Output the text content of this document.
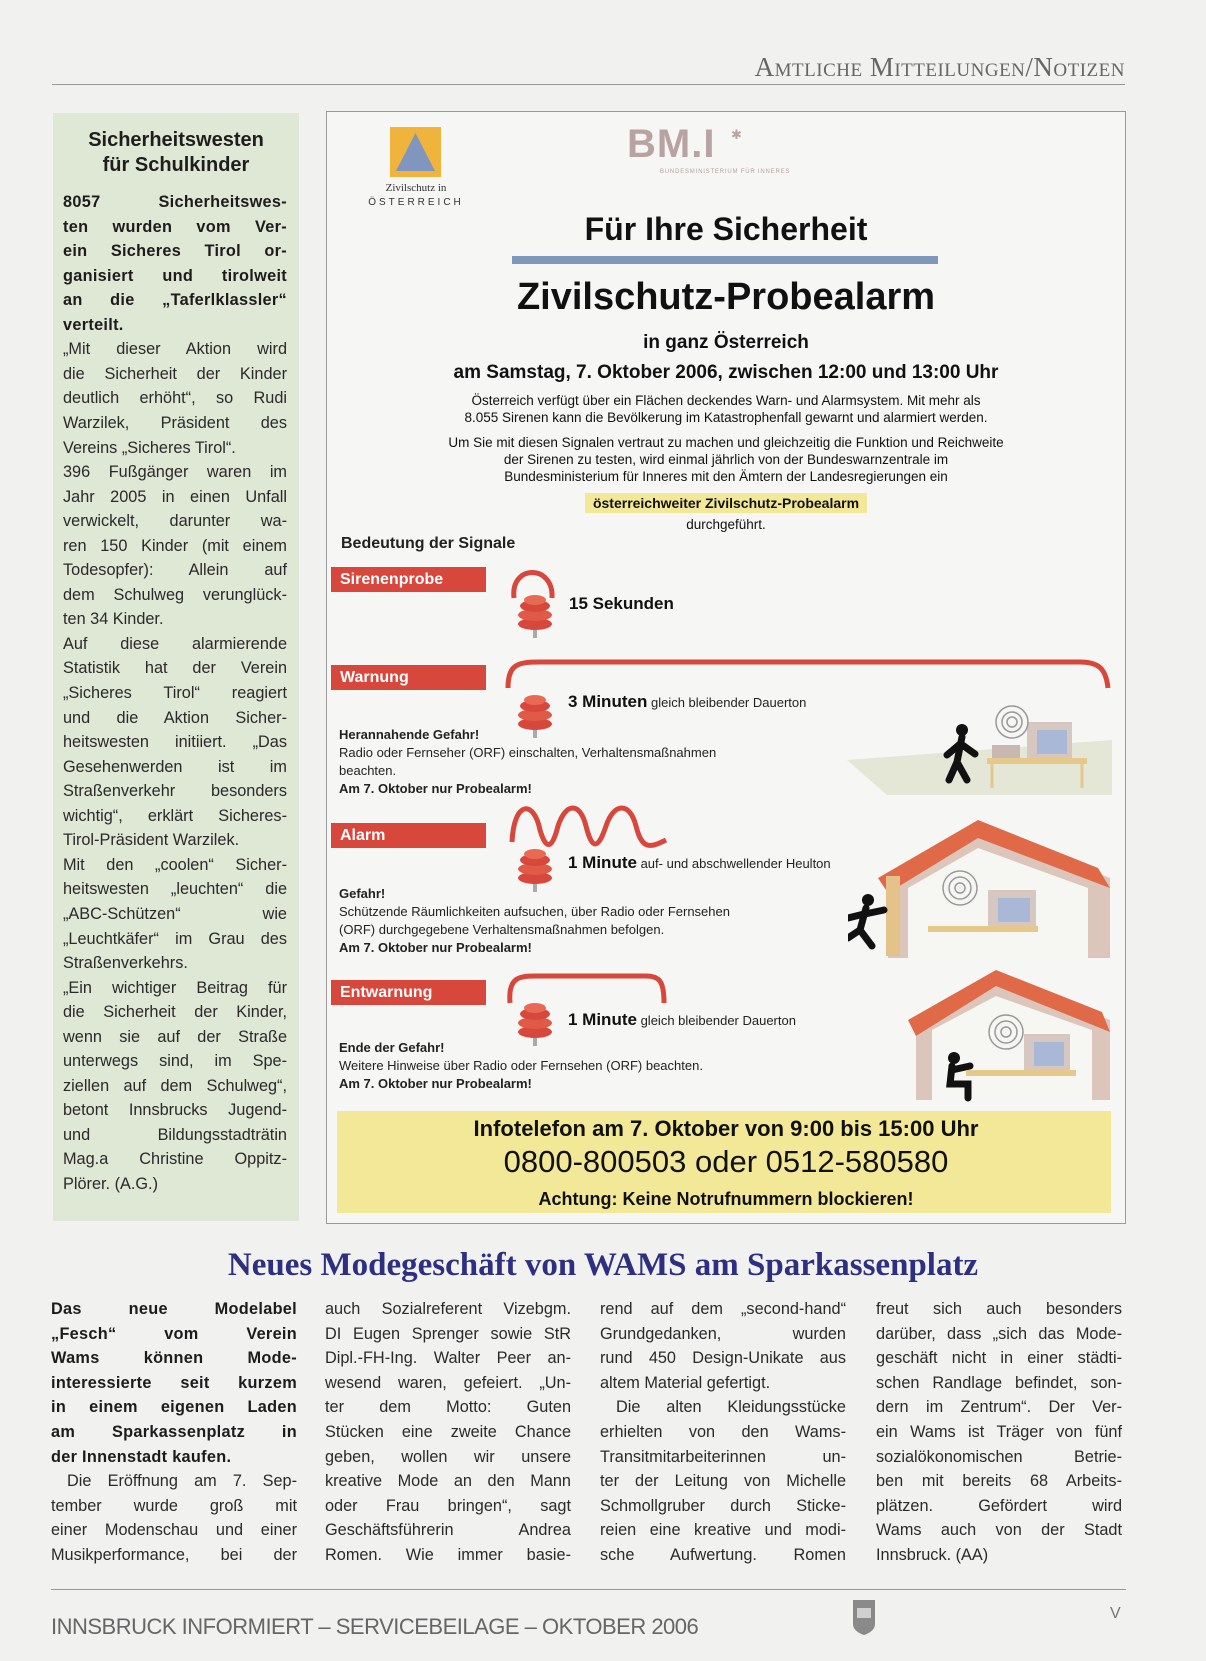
Amtliche Mitteilungen/Notizen
Sicherheitswesten
für Schulkinder
8057 Sicherheitswes-
ten wurden vom Ver-
ein Sicheres Tirol or-
ganisiert und tirolweit
an die „Taferlklassler“
verteilt.
„Mit dieser Aktion wird
die Sicherheit der Kinder
deutlich erhöht“, so Rudi
Warzilek, Präsident des
Vereins „Sicheres Tirol“.
396 Fußgänger waren im
Jahr 2005 in einen Unfall
verwickelt, darunter wa-
ren 150 Kinder (mit einem
Todesopfer): Allein auf
dem Schulweg verunglück-
ten 34 Kinder.
Auf diese alarmierende
Statistik hat der Verein
„Sicheres Tirol“ reagiert
und die Aktion Sicher-
heitswesten initiiert. „Das
Gesehenwerden ist im
Straßenverkehr besonders
wichtig“, erklärt Sicheres-
Tirol-Präsident Warzilek.
Mit den „coolen“ Sicher-
heitswesten „leuchten“ die
„ABC-Schützen“ wie
„Leuchtkäfer“ im Grau des
Straßenverkehrs.
„Ein wichtiger Beitrag für
die Sicherheit der Kinder,
wenn sie auf der Straße
unterwegs sind, im Spe-
ziellen auf dem Schulweg“,
betont Innsbrucks Jugend-
und Bildungsstadträtin
Mag.a Christine Oppitz-
Plörer. (A.G.)
Zivilschutz in
ÖSTERREICH
BM.I ✱
BUNDESMINISTERIUM FÜR INNERES
Für Ihre Sicherheit
Zivilschutz-Probealarm
in ganz Österreich
am Samstag, 7. Oktober 2006, zwischen 12:00 und 13:00 Uhr
Österreich verfügt über ein Flächen deckendes Warn- und Alarmsystem. Mit mehr als
8.055 Sirenen kann die Bevölkerung im Katastrophenfall gewarnt und alarmiert werden.
Um Sie mit diesen Signalen vertraut zu machen und gleichzeitig die Funktion und Reichweite
der Sirenen zu testen, wird einmal jährlich von der Bundeswarnzentrale im
Bundesministerium für Inneres mit den Ämtern der Landesregierungen ein
österreichweiter Zivilschutz-Probealarm
durchgeführt.
Bedeutung der Signale
Sirenenprobe
Warnung
Alarm
Entwarnung
15 Sekunden
3 Minuten gleich bleibender Dauerton
1 Minute auf- und abschwellender Heulton
1 Minute gleich bleibender Dauerton
Herannahende Gefahr!
Radio oder Fernseher (ORF) einschalten, Verhaltensmaßnahmen
beachten.
Am 7. Oktober nur Probealarm!
Gefahr!
Schützende Räumlichkeiten aufsuchen, über Radio oder Fernsehen
(ORF) durchgegebene Verhaltensmaßnahmen befolgen.
Am 7. Oktober nur Probealarm!
Ende der Gefahr!
Weitere Hinweise über Radio oder Fernsehen (ORF) beachten.
Am 7. Oktober nur Probealarm!
Infotelefon am 7. Oktober von 9:00 bis 15:00 Uhr
0800-800503 oder 0512-580580
Achtung: Keine Notrufnummern blockieren!
Neues Modegeschäft von WAMS am Sparkassenplatz
Das neue Modelabel
„Fesch“ vom Verein
Wams können Mode-
interessierte seit kurzem
in einem eigenen Laden
am Sparkassenplatz in
der Innenstadt kaufen.
Die Eröffnung am 7. Sep-
tember wurde groß mit
einer Modenschau und einer
Musikperformance, bei der
auch Sozialreferent Vizebgm.
DI Eugen Sprenger sowie StR
Dipl.-FH-Ing. Walter Peer an-
wesend waren, gefeiert. „Un-
ter dem Motto: Guten
Stücken eine zweite Chance
geben, wollen wir unsere
kreative Mode an den Mann
oder Frau bringen“, sagt
Geschäftsführerin Andrea
Romen. Wie immer basie-
rend auf dem „second-hand“
Grundgedanken, wurden
rund 450 Design-Unikate aus
altem Material gefertigt.
Die alten Kleidungsstücke
erhielten von den Wams-
Transitmitarbeiterinnen un-
ter der Leitung von Michelle
Schmollgruber durch Sticke-
reien eine kreative und modi-
sche Aufwertung. Romen
freut sich auch besonders
darüber, dass „sich das Mode-
geschäft nicht in einer städti-
schen Randlage befindet, son-
dern im Zentrum“. Der Ver-
ein Wams ist Träger von fünf
sozialökonomischen Betrie-
ben mit bereits 68 Arbeits-
plätzen. Gefördert wird
Wams auch von der Stadt
Innsbruck. (AA)
INNSBRUCK INFORMIERT – SERVICEBEILAGE – OKTOBER 2006
V
